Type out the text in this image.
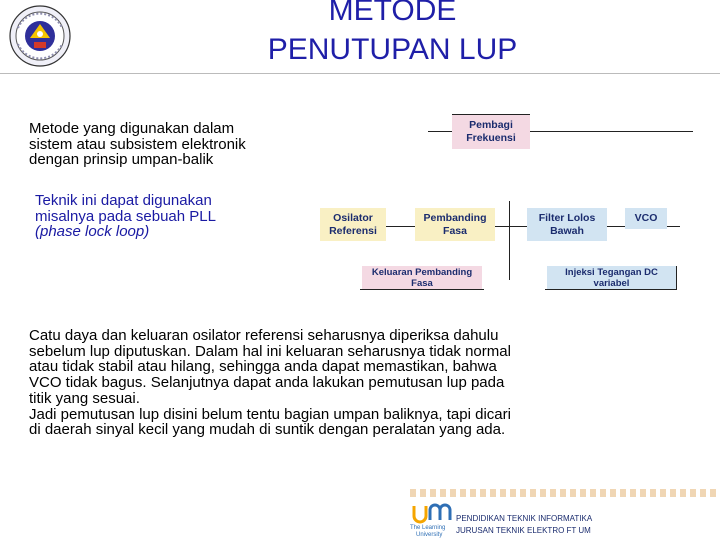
METODE
PENUTUPAN LUP
Metode yang digunakan dalam
sistem atau subsistem elektronik
dengan prinsip umpan-balik
Teknik ini dapat digunakan
misalnya pada sebuah PLL
(phase lock loop)
Pembagi
Frekuensi
Osilator
Referensi
Pembanding
Fasa
Filter Lolos
Bawah
VCO
Keluaran Pembanding
Fasa
Injeksi Tegangan DC
variabel
Catu daya dan keluaran osilator referensi seharusnya diperiksa dahulu
sebelum lup diputuskan. Dalam hal ini keluaran seharusnya tidak normal
atau tidak stabil atau hilang, sehingga anda dapat memastikan, bahwa
VCO tidak bagus. Selanjutnya dapat anda lakukan pemutusan lup pada
titik yang sesuai.
Jadi pemutusan lup disini belum tentu bagian umpan baliknya, tapi dicari
di daerah sinyal kecil yang mudah di suntik dengan peralatan yang ada.
The Learning
University
PENDIDIKAN TEKNIK INFORMATIKA
JURUSAN TEKNIK ELEKTRO FT UM
